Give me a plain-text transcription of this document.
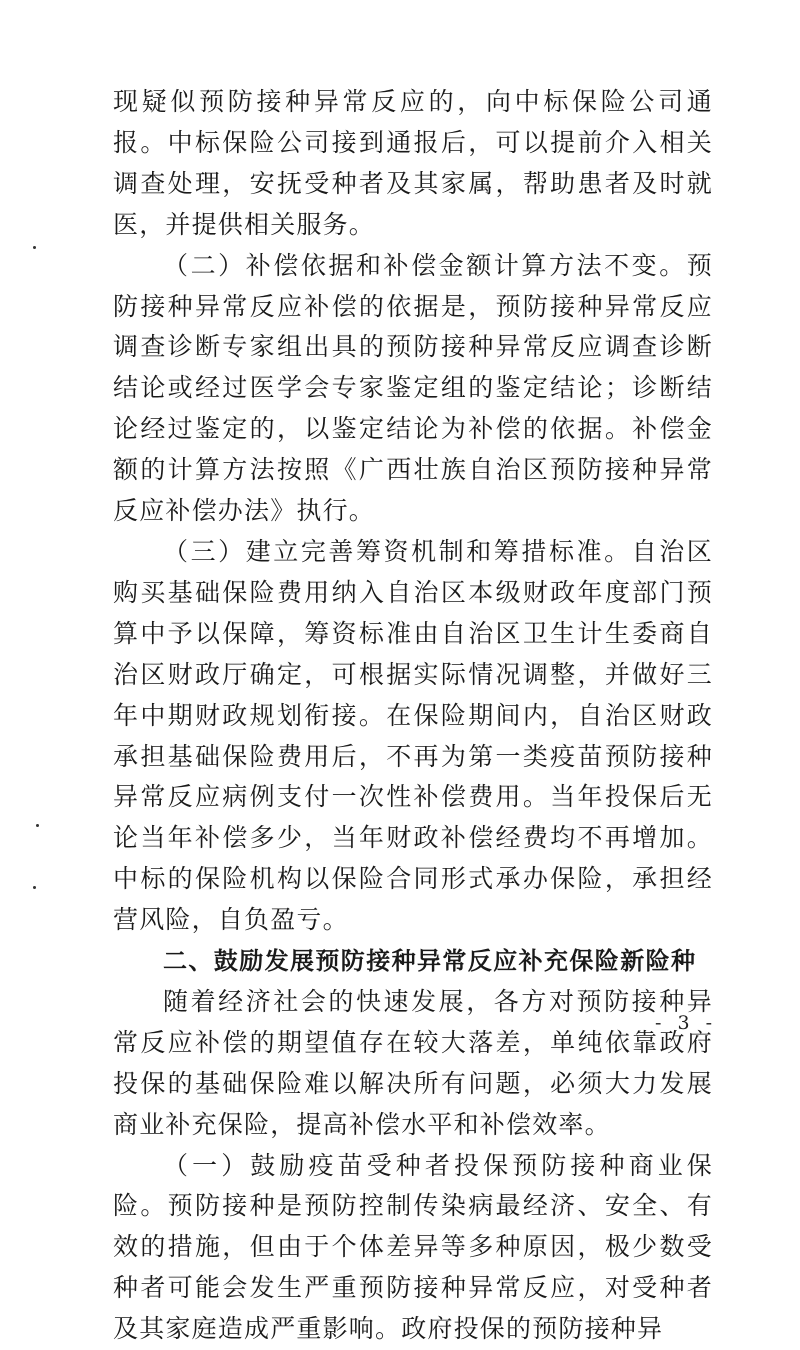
现疑似预防接种异常反应的，向中标保险公司通报。中标保险公司接到通报后，可以提前介入相关调查处理，安抚受种者及其家属，帮助患者及时就医，并提供相关服务。

（二）补偿依据和补偿金额计算方法不变。预防接种异常反应补偿的依据是，预防接种异常反应调查诊断专家组出具的预防接种异常反应调查诊断结论或经过医学会专家鉴定组的鉴定结论；诊断结论经过鉴定的，以鉴定结论为补偿的依据。补偿金额的计算方法按照《广西壮族自治区预防接种异常反应补偿办法》执行。

（三）建立完善筹资机制和筹措标准。自治区购买基础保险费用纳入自治区本级财政年度部门预算中予以保障，筹资标准由自治区卫生计生委商自治区财政厅确定，可根据实际情况调整，并做好三年中期财政规划衔接。在保险期间内，自治区财政承担基础保险费用后，不再为第一类疫苗预防接种异常反应病例支付一次性补偿费用。当年投保后无论当年补偿多少，当年财政补偿经费均不再增加。中标的保险机构以保险合同形式承办保险，承担经营风险，自负盈亏。

二、鼓励发展预防接种异常反应补充保险新险种

随着经济社会的快速发展，各方对预防接种异常反应补偿的期望值存在较大落差，单纯依靠政府投保的基础保险难以解决所有问题，必须大力发展商业补充保险，提高补偿水平和补偿效率。

（一）鼓励疫苗受种者投保预防接种商业保险。预防接种是预防控制传染病最经济、安全、有效的措施，但由于个体差异等多种原因，极少数受种者可能会发生严重预防接种异常反应，对受种者及其家庭造成严重影响。政府投保的预防接种异

- 3 -
